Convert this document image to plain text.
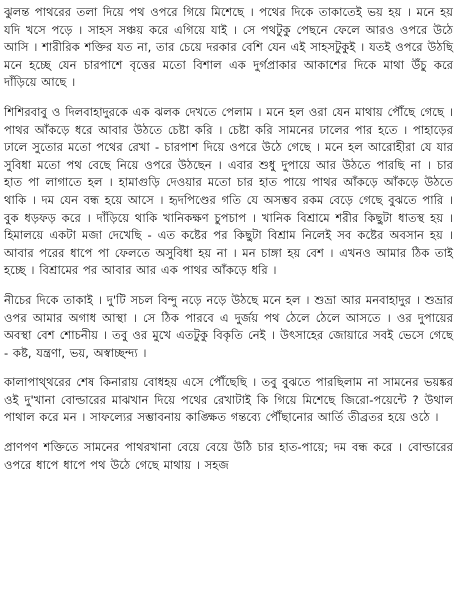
ঝুলন্ত পাথরের তলা দিয়ে পথ ওপরে গিয়ে মিশেছে । পথের দিকে তাকাতেই ভয় হয় । মনে হয় যদি খসে পড়ে । সাহস সঞ্চয় করে এগিয়ে যাই । সে পথটুকু পেছনে ফেলে আরও ওপরে উঠে আসি । শারীরিক শক্তির যত না, তার চেয়ে দরকার বেশি যেন এই সাহসটুকুই । যতই ওপরে উঠছি মনে হচ্ছে যেন চারপাশে বৃত্তের মতো বিশাল এক দুর্গপ্রাকার আকাশের দিকে মাথা উঁচু করে দাঁড়িয়ে আছে ।

শিশিরবাবু ও দিলবাহাদুরকে এক ঝলক দেখতে পেলাম । মনে হল ওরা যেন মাথায় পৌঁছে গেছে । পাথর আঁকড়ে ধরে আবার উঠতে চেষ্টা করি । চেষ্টা করি সামনের ঢালের পার হতে । পাহাড়ের ঢালে সুতোর মতো পথের রেখা - চারপাশ দিয়ে ওপরে উঠে গেছে । মনে হল আরোহীরা যে যার সুবিধা মতো পথ বেছে নিয়ে ওপরে উঠছেন । এবার শুধু দুপায়ে আর উঠতে পারছি না । চার হাত পা লাগাতে হল । হামাগুড়ি দেওয়ার মতো চার হাত পায়ে পাথর আঁকড়ে আঁকড়ে উঠতে থাকি । দম যেন বন্ধ হয়ে আসে । হৃদপিণ্ডের গতি যে অসম্ভব রকম বেড়ে গেছে বুঝতে পারি । বুক ধড়ফড় করে । দাঁড়িয়ে থাকি খানিকক্ষণ চুপচাপ । খানিক বিশ্রামে শরীর কিছুটা ধাতস্থ হয় । হিমালয়ে একটা মজা দেখেছি - এত কষ্টের পর কিছুটা বিশ্রাম নিলেই সব কষ্টের অবসান হয় । আবার পরের ধাপে পা ফেলতে অসুবিধা হয় না । মন চাঙ্গা হয় বেশ । এখনও আমার ঠিক তাই হচ্ছে । বিশ্রামের পর আবার আর এক পাথর আঁকড়ে ধরি ।

নীচের দিকে তাকাই । দু'টি সচল বিন্দু নড়ে নড়ে উঠছে মনে হল । শুভ্রা আর মনবাহাদুর । শুভ্রার ওপর আমার অগাধ আস্থা । সে ঠিক পারবে এ দুর্জয় পথ ঠেলে ঠেলে আসতে । ওর দুপায়ের অবস্থা বেশ শোচনীয় । তবু ওর মুখে এতটুকু বিকৃতি নেই । উৎসাহের জোয়ারে সবই ভেসে গেছে - কষ্ট, যন্ত্রণা, ভয়, অস্বাচ্ছন্দ্য ।

কালাপাথ্থরের শেষ কিনারায় বোধহয় এসে পৌঁছেছি । তবু বুঝতে পারছিলাম না সামনের ভয়ঙ্কর ওই দু'খানা বোল্ডারের মাঝখান দিয়ে পথের রেখাটাই কি গিয়ে মিশেছে জিরো-পয়েন্টে ? উথাল পাথাল করে মন । সাফল্যের সম্ভাবনায় কাঙ্ক্ষিত গন্তব্যে পৌঁছানোর আর্তি তীব্রতর হয়ে ওঠে ।

প্রাণপণ শক্তিতে সামনের পাথরখানা বেয়ে বেয়ে উঠি চার হাত-পায়ে; দম বন্ধ করে । বোল্ডারের ওপরে ধাপে ধাপে পথ উঠে গেছে মাথায় । সহজ
